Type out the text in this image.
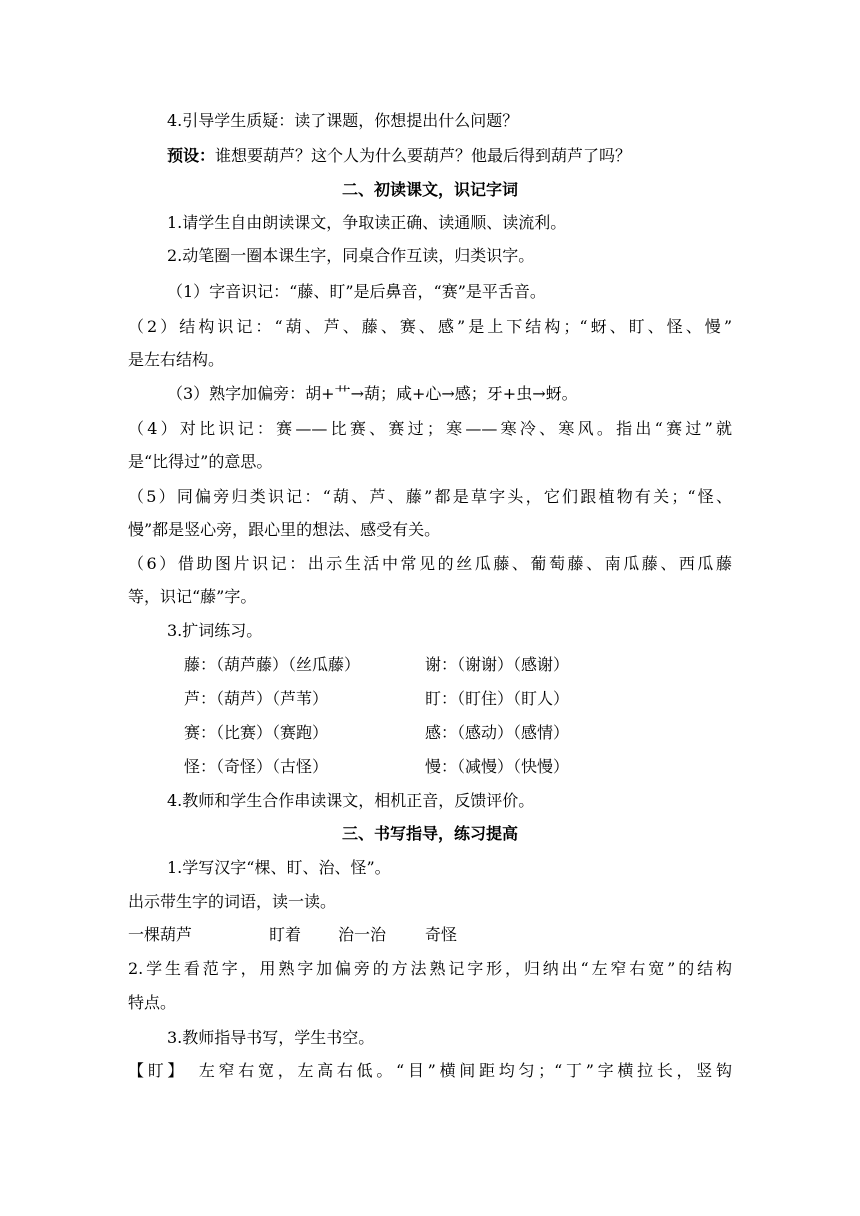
4.引导学生质疑：读了课题，你想提出什么问题？
预设：谁想要葫芦？这个人为什么要葫芦？他最后得到葫芦了吗？
二、初读课文，识记字词
1.请学生自由朗读课文，争取读正确、读通顺、读流利。
2.动笔圈一圈本课生字，同桌合作互读，归类识字。
（1）字音识记：“藤、盯”是后鼻音，“赛”是平舌音。
（2）结构识记：“葫、芦、藤、赛、感”是上下结构；“蚜、盯、怪、慢”
是左右结构。
（3）熟字加偏旁：胡+艹→葫；咸+心→感；牙+虫→蚜。
（4）对比识记：赛——比赛、赛过；寒——寒冷、寒风。指出“赛过”就
是“比得过”的意思。
（5）同偏旁归类识记：“葫、芦、藤”都是草字头，它们跟植物有关；“怪、
慢”都是竖心旁，跟心里的想法、感受有关。
（6）借助图片识记：出示生活中常见的丝瓜藤、葡萄藤、南瓜藤、西瓜藤
等，识记“藤”字。
3.扩词练习。
藤：（葫芦藤）（丝瓜藤）	谢：（谢谢）（感谢）
芦：（葫芦）（芦苇）	盯：（盯住）（盯人）
赛：（比赛）（赛跑）	感：（感动）（感情）
怪：（奇怪）（古怪）	慢：（减慢）（快慢）
4.教师和学生合作串读课文，相机正音，反馈评价。
三、书写指导，练习提高
1.学写汉字“棵、盯、治、怪”。
出示带生字的词语，读一读。
一棵葫芦	盯着 治一治 奇怪
2.学生看范字，用熟字加偏旁的方法熟记字形，归纳出“左窄右宽”的结构
特点。
3.教师指导书写，学生书空。
【盯】　左窄右宽，左高右低。“目”横间距均匀；“丁”字横拉长，竖钩
